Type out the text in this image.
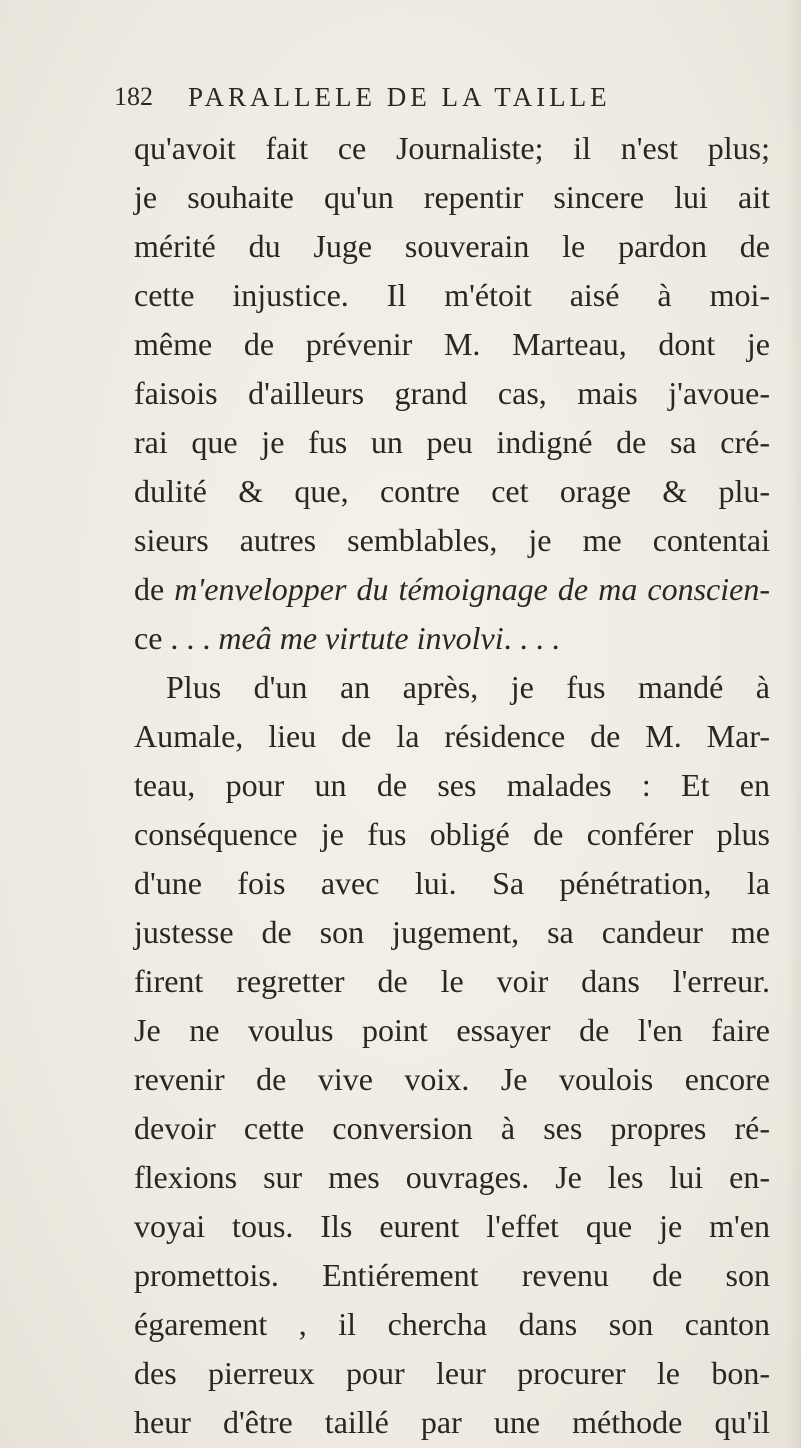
182 PARALLELE DE LA TAILLE
qu'avoit fait ce Journaliste; il n'est plus;
je souhaite qu'un repentir sincere lui ait
mérité du Juge souverain le pardon de
cette injustice. Il m'étoit aisé à moi-
même de prévenir M. Marteau, dont je
faisois d'ailleurs grand cas, mais j'avoue-
rai que je fus un peu indigné de sa cré-
dulité & que, contre cet orage & plu-
sieurs autres semblables, je me contentai
de m'envelopper du témoignage de ma conscien-
ce . . . meâ me virtute involvi. . . .
Plus d'un an après, je fus mandé à
Aumale, lieu de la résidence de M. Mar-
teau, pour un de ses malades : Et en
conséquence je fus obligé de conférer plus
d'une fois avec lui. Sa pénétration, la
justesse de son jugement, sa candeur me
firent regretter de le voir dans l'erreur.
Je ne voulus point essayer de l'en faire
revenir de vive voix. Je voulois encore
devoir cette conversion à ses propres ré-
flexions sur mes ouvrages. Je les lui en-
voyai tous. Ils eurent l'effet que je m'en
promettois. Entiérement revenu de son
égarement , il chercha dans son canton
des pierreux pour leur procurer le bon-
heur d'être taillé par une méthode qu'il
